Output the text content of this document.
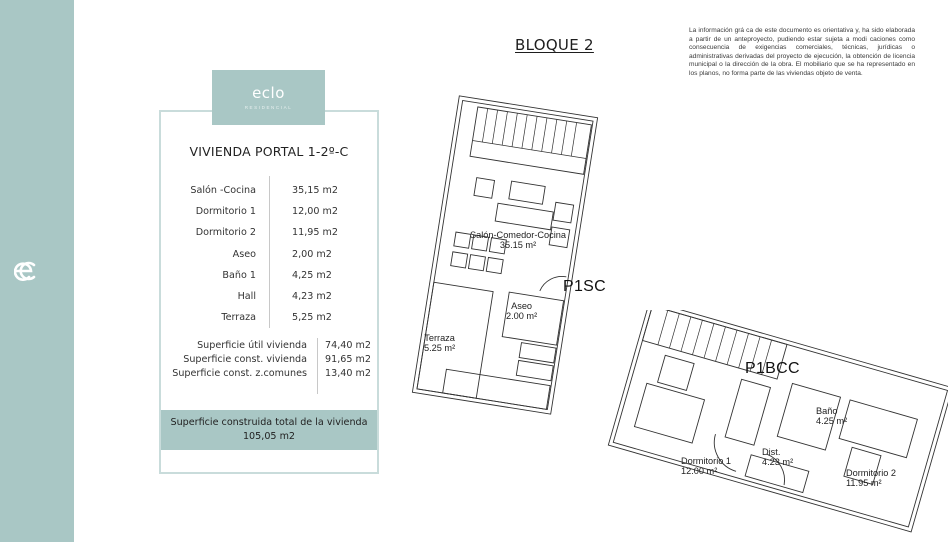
BLOQUE 2
La información grá ca de este documento es orientativa y, ha sido elaborada a partir de un anteproyecto, pudiendo estar sujeta a modi caciones como consecuencia de exigencias comerciales, técnicas, jurídicas o administrativas derivadas del proyecto de ejecución, la obtención de licencia municipal o la dirección de la obra. El mobiliario que se ha representado en los planos, no forma parte de las viviendas objeto de venta.
eclo
RESIDENCIAL
VIVIENDA PORTAL 1-2º-C
Salón -Cocina	35,15 m2
Dormitorio 1	12,00 m2
Dormitorio 2	11,95 m2
Aseo	2,00 m2
Baño 1	4,25 m2
Hall	4,23 m2
Terraza	5,25 m2
Superficie útil vivienda	74,40 m2
Superficie const. vivienda	91,65 m2
Superficie const. z.comunes	13,40 m2
Superficie construida total de la vivienda
105,05 m2
Salón-Comedor-Cocina
35.15 m²
Aseo
2.00 m²
Terraza
5.25 m²
P1SC
P1BCC
Baño
4.25 m²
Dist.
4.23 m²
Dormitorio 1
12.00 m²	Dormitorio 2
11.95 m²
